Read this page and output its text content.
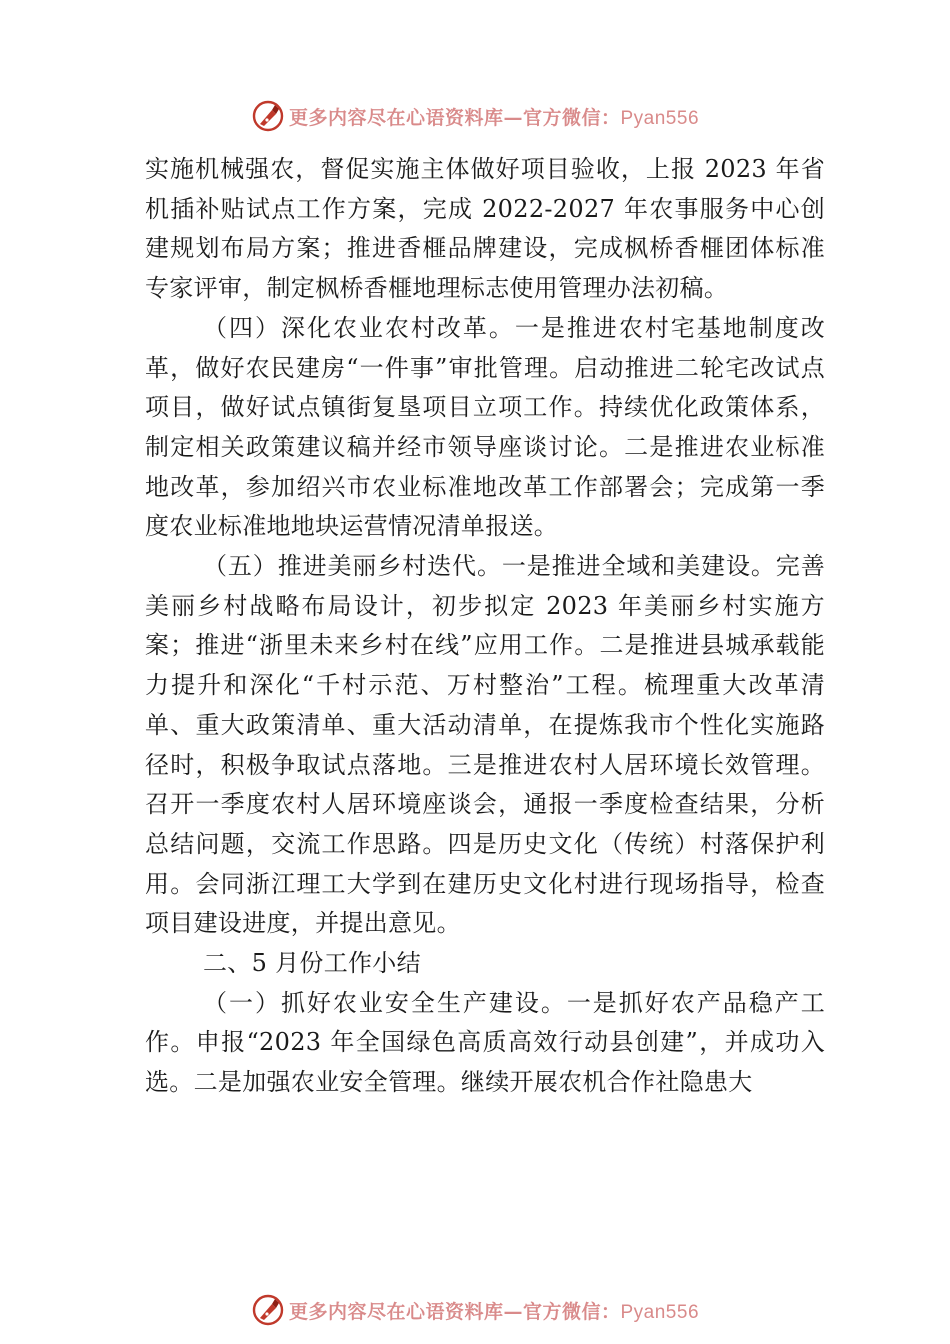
更多内容尽在心语资料库—官方微信：Pyan556

实施机械强农，督促实施主体做好项目验收，上报 2023 年省机插补贴试点工作方案，完成 2022-2027 年农事服务中心创建规划布局方案；推进香榧品牌建设，完成枫桥香榧团体标准专家评审，制定枫桥香榧地理标志使用管理办法初稿。

（四）深化农业农村改革。一是推进农村宅基地制度改革，做好农民建房“一件事”审批管理。启动推进二轮宅改试点项目，做好试点镇街复垦项目立项工作。持续优化政策体系，制定相关政策建议稿并经市领导座谈讨论。二是推进农业标准地改革，参加绍兴市农业标准地改革工作部署会；完成第一季度农业标准地地块运营情况清单报送。

（五）推进美丽乡村迭代。一是推进全域和美建设。完善美丽乡村战略布局设计，初步拟定 2023 年美丽乡村实施方案；推进“浙里未来乡村在线”应用工作。二是推进县城承载能力提升和深化“千村示范、万村整治”工程。梳理重大改革清单、重大政策清单、重大活动清单，在提炼我市个性化实施路径时，积极争取试点落地。三是推进农村人居环境长效管理。召开一季度农村人居环境座谈会，通报一季度检查结果，分析总结问题，交流工作思路。四是历史文化（传统）村落保护利用。会同浙江理工大学到在建历史文化村进行现场指导，检查项目建设进度，并提出意见。

二、5 月份工作小结

（一）抓好农业安全生产建设。一是抓好农产品稳产工作。申报“2023 年全国绿色高质高效行动县创建”，并成功入选。二是加强农业安全管理。继续开展农机合作社隐患大

更多内容尽在心语资料库—官方微信：Pyan556
